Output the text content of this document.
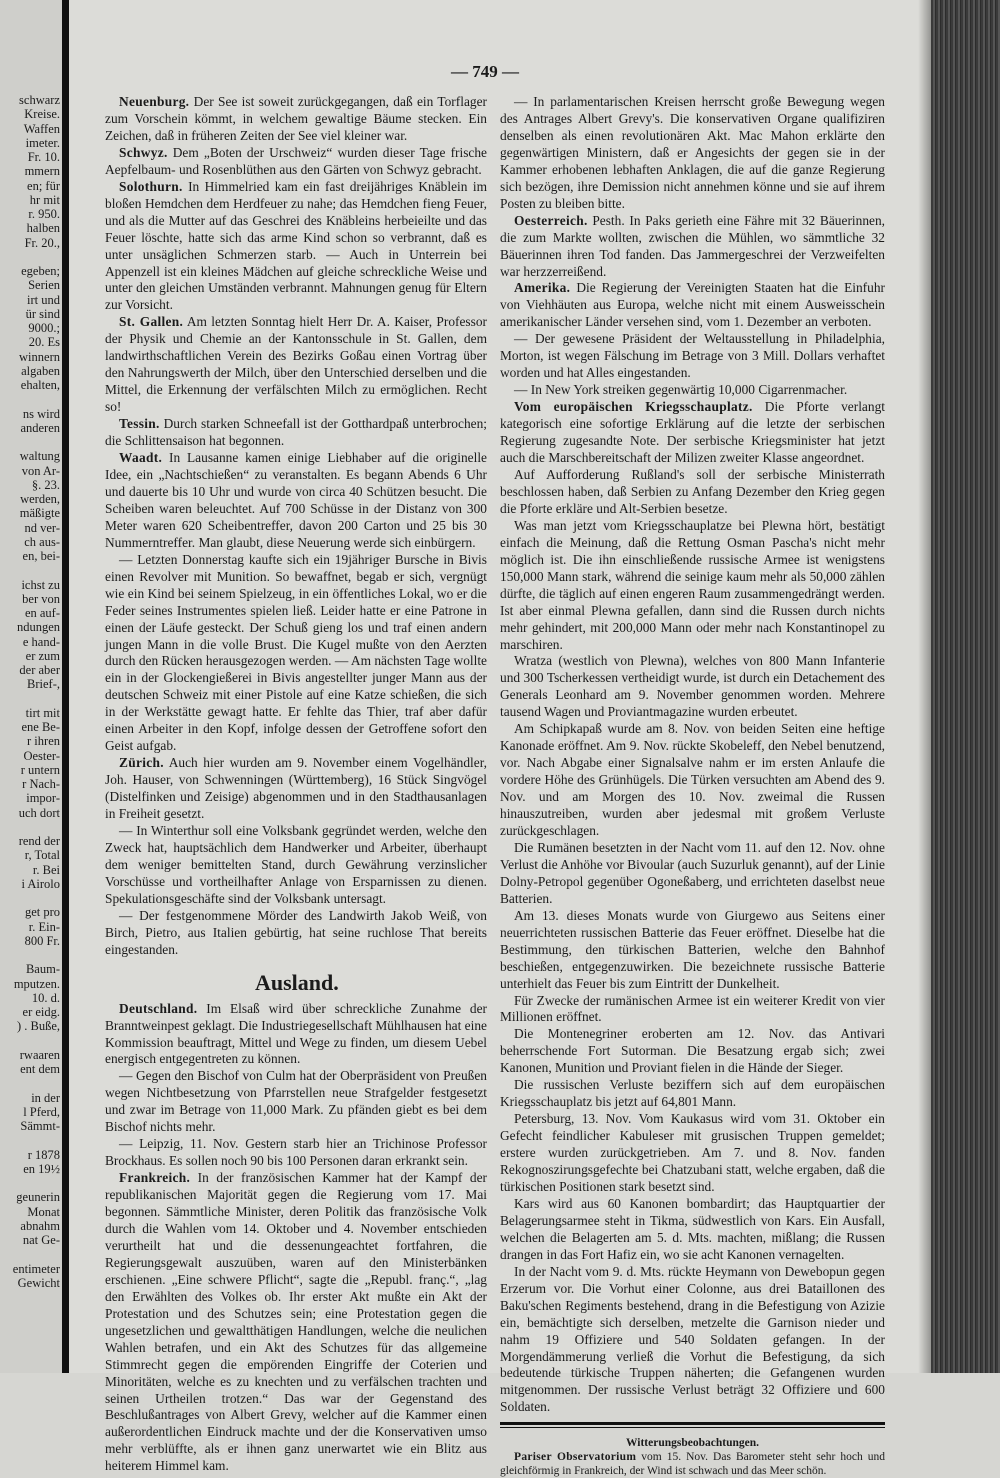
schwarz
Kreise.
Waffen
imeter.
Fr. 10.
mmern
en; für
hr mit
r. 950.
halben
Fr. 20.,

egeben;
Serien
irt und
ür sind
9000.;
20. Es
winnern
algaben
ehalten,

ns wird
anderen

waltung
von Ar-
§. 23.
werden,
mäßigte
nd ver-
ch aus-
en, bei-

ichst zu
ber von
en auf-
ndungen
e hand-
er zum
der aber
Brief-,

tirt mit
ene Be-
r ihren
Oester-
r untern
r Nach-
impor-
uch dort

rend der
r, Total
r. Bei
i Airolo

get pro
r. Ein-
800 Fr.

Baum-
mputzen.
10. d.
er eidg.
) . Buße,

rwaaren
ent dem

in der
l Pferd,
Sämmt-

r 1878
en 19½

geunerin
Monat
abnahm
nat Ge-

entimeter
Gewicht
— 749 —

Neuenburg. Der See ist soweit zurückgegangen, daß ein Torflager zum Vorschein kömmt, in welchem gewaltige Bäume stecken. Ein Zeichen, daß in früheren Zeiten der See viel kleiner war.

Schwyz. Dem „Boten der Urschweiz“ wurden dieser Tage frische Aepfelbaum- und Rosenblüthen aus den Gärten von Schwyz gebracht.

Solothurn. In Himmelried kam ein fast dreijähriges Knäblein im bloßen Hemdchen dem Herdfeuer zu nahe; das Hemdchen fieng Feuer, und als die Mutter auf das Geschrei des Knäbleins herbeieilte und das Feuer löschte, hatte sich das arme Kind schon so verbrannt, daß es unter unsäglichen Schmerzen starb. — Auch in Unterrein bei Appenzell ist ein kleines Mädchen auf gleiche schreckliche Weise und unter den gleichen Umständen verbrannt. Mahnungen genug für Eltern zur Vorsicht.

St. Gallen. Am letzten Sonntag hielt Herr Dr. A. Kaiser, Professor der Physik und Chemie an der Kantonsschule in St. Gallen, dem landwirthschaftlichen Verein des Bezirks Goßau einen Vortrag über den Nahrungswerth der Milch, über den Unterschied derselben und die Mittel, die Erkennung der verfälschten Milch zu ermöglichen. Recht so!

Tessin. Durch starken Schneefall ist der Gotthardpaß unterbrochen; die Schlittensaison hat begonnen.

Waadt. In Lausanne kamen einige Liebhaber auf die originelle Idee, ein „Nachtschießen“ zu veranstalten. Es begann Abends 6 Uhr und dauerte bis 10 Uhr und wurde von circa 40 Schützen besucht. Die Scheiben waren beleuchtet. Auf 700 Schüsse in der Distanz von 300 Meter waren 620 Scheibentreffer, davon 200 Carton und 25 bis 30 Nummerntreffer. Man glaubt, diese Neuerung werde sich einbürgern.

— Letzten Donnerstag kaufte sich ein 19jähriger Bursche in Bivis einen Revolver mit Munition. So bewaffnet, begab er sich, vergnügt wie ein Kind bei seinem Spielzeug, in ein öffentliches Lokal, wo er die Feder seines Instrumentes spielen ließ. Leider hatte er eine Patrone in einen der Läufe gesteckt. Der Schuß gieng los und traf einen andern jungen Mann in die volle Brust. Die Kugel mußte von den Aerzten durch den Rücken herausgezogen werden. — Am nächsten Tage wollte ein in der Glockengießerei in Bivis angestellter junger Mann aus der deutschen Schweiz mit einer Pistole auf eine Katze schießen, die sich in der Werkstätte gewagt hatte. Er fehlte das Thier, traf aber dafür einen Arbeiter in den Kopf, infolge dessen der Getroffene sofort den Geist aufgab.

Zürich. Auch hier wurden am 9. November einem Vogelhändler, Joh. Hauser, von Schwenningen (Württemberg), 16 Stück Singvögel (Distelfinken und Zeisige) abgenommen und in den Stadthausanlagen in Freiheit gesetzt.

— In Winterthur soll eine Volksbank gegründet werden, welche den Zweck hat, hauptsächlich dem Handwerker und Arbeiter, überhaupt dem weniger bemittelten Stand, durch Gewährung verzinslicher Vorschüsse und vortheilhafter Anlage von Ersparnissen zu dienen. Spekulationsgeschäfte sind der Volksbank untersagt.

— Der festgenommene Mörder des Landwirth Jakob Weiß, von Birch, Pietro, aus Italien gebürtig, hat seine ruchlose That bereits eingestanden.

Ausland.

Deutschland. Im Elsaß wird über schreckliche Zunahme der Branntweinpest geklagt. Die Industriegesellschaft Mühlhausen hat eine Kommission beauftragt, Mittel und Wege zu finden, um diesem Uebel energisch entgegentreten zu können.

— Gegen den Bischof von Culm hat der Oberpräsident von Preußen wegen Nichtbesetzung von Pfarrstellen neue Strafgelder festgesetzt und zwar im Betrage von 11,000 Mark. Zu pfänden giebt es bei dem Bischof nichts mehr.

— Leipzig, 11. Nov. Gestern starb hier an Trichinose Professor Brockhaus. Es sollen noch 90 bis 100 Personen daran erkrankt sein.

Frankreich. In der französischen Kammer hat der Kampf der republikanischen Majorität gegen die Regierung vom 17. Mai begonnen. Sämmtliche Minister, deren Politik das französische Volk durch die Wahlen vom 14. Oktober und 4. November entschieden verurtheilt hat und die dessenungeachtet fortfahren, die Regierungsgewalt auszuüben, waren auf den Ministerbänken erschienen. „Eine schwere Pflicht“, sagte die „Republ. franç.“, „lag den Erwählten des Volkes ob. Ihr erster Akt mußte ein Akt der Protestation und des Schutzes sein; eine Protestation gegen die ungesetzlichen und gewaltthätigen Handlungen, welche die neulichen Wahlen betrafen, und ein Akt des Schutzes für das allgemeine Stimmrecht gegen die empörenden Eingriffe der Coterien und Minoritäten, welche es zu knechten und zu verfälschen trachten und seinen Urtheilen trotzen.“ Das war der Gegenstand des Beschlußantrages von Albert Grevy, welcher auf die Kammer einen außerordentlichen Eindruck machte und der die Konservativen umso mehr verblüffte, als er ihnen ganz unerwartet wie ein Blitz aus heiterem Himmel kam.

— In parlamentarischen Kreisen herrscht große Bewegung wegen des Antrages Albert Grevy's. Die konservativen Organe qualifiziren denselben als einen revolutionären Akt. Mac Mahon erklärte den gegenwärtigen Ministern, daß er Angesichts der gegen sie in der Kammer erhobenen lebhaften Anklagen, die auf die ganze Regierung sich bezögen, ihre Demission nicht annehmen könne und sie auf ihrem Posten zu bleiben bitte.

Oesterreich. Pesth. In Paks gerieth eine Fähre mit 32 Bäuerinnen, die zum Markte wollten, zwischen die Mühlen, wo sämmtliche 32 Bäuerinnen ihren Tod fanden. Das Jammergeschrei der Verzweifelten war herzzerreißend.

Amerika. Die Regierung der Vereinigten Staaten hat die Einfuhr von Viehhäuten aus Europa, welche nicht mit einem Ausweisschein amerikanischer Länder versehen sind, vom 1. Dezember an verboten.

— Der gewesene Präsident der Weltausstellung in Philadelphia, Morton, ist wegen Fälschung im Betrage von 3 Mill. Dollars verhaftet worden und hat Alles eingestanden.

— In New York streiken gegenwärtig 10,000 Cigarrenmacher.

Vom europäischen Kriegsschauplatz. Die Pforte verlangt kategorisch eine sofortige Erklärung auf die letzte der serbischen Regierung zugesandte Note. Der serbische Kriegsminister hat jetzt auch die Marschbereitschaft der Milizen zweiter Klasse angeordnet.

Auf Aufforderung Rußland's soll der serbische Ministerrath beschlossen haben, daß Serbien zu Anfang Dezember den Krieg gegen die Pforte erkläre und Alt-Serbien besetze.

Was man jetzt vom Kriegsschauplatze bei Plewna hört, bestätigt einfach die Meinung, daß die Rettung Osman Pascha's nicht mehr möglich ist. Die ihn einschließende russische Armee ist wenigstens 150,000 Mann stark, während die seinige kaum mehr als 50,000 zählen dürfte, die täglich auf einen engeren Raum zusammengedrängt werden. Ist aber einmal Plewna gefallen, dann sind die Russen durch nichts mehr gehindert, mit 200,000 Mann oder mehr nach Konstantinopel zu marschiren.

Wratza (westlich von Plewna), welches von 800 Mann Infanterie und 300 Tscherkessen vertheidigt wurde, ist durch ein Detachement des Generals Leonhard am 9. November genommen worden. Mehrere tausend Wagen und Proviantmagazine wurden erbeutet.

Am Schipkapaß wurde am 8. Nov. von beiden Seiten eine heftige Kanonade eröffnet. Am 9. Nov. rückte Skobeleff, den Nebel benutzend, vor. Nach Abgabe einer Signalsalve nahm er im ersten Anlaufe die vordere Höhe des Grünhügels. Die Türken versuchten am Abend des 9. Nov. und am Morgen des 10. Nov. zweimal die Russen hinauszutreiben, wurden aber jedesmal mit großem Verluste zurückgeschlagen.

Die Rumänen besetzten in der Nacht vom 11. auf den 12. Nov. ohne Verlust die Anhöhe vor Bivoular (auch Suzurluk genannt), auf der Linie Dolny-Petropol gegenüber Ogoneßaberg, und errichteten daselbst neue Batterien.

Am 13. dieses Monats wurde von Giurgewo aus Seitens einer neuerrichteten russischen Batterie das Feuer eröffnet. Dieselbe hat die Bestimmung, den türkischen Batterien, welche den Bahnhof beschießen, entgegenzuwirken. Die bezeichnete russische Batterie unterhielt das Feuer bis zum Eintritt der Dunkelheit.

Für Zwecke der rumänischen Armee ist ein weiterer Kredit von vier Millionen eröffnet.

Die Montenegriner eroberten am 12. Nov. das Antivari beherrschende Fort Sutorman. Die Besatzung ergab sich; zwei Kanonen, Munition und Proviant fielen in die Hände der Sieger.

Die russischen Verluste beziffern sich auf dem europäischen Kriegsschauplatz bis jetzt auf 64,801 Mann.

Petersburg, 13. Nov. Vom Kaukasus wird vom 31. Oktober ein Gefecht feindlicher Kabuleser mit grusischen Truppen gemeldet; erstere wurden zurückgetrieben. Am 7. und 8. Nov. fanden Rekognoszirungsgefechte bei Chatzubani statt, welche ergaben, daß die türkischen Positionen stark besetzt sind.

Kars wird aus 60 Kanonen bombardirt; das Hauptquartier der Belagerungsarmee steht in Tikma, südwestlich von Kars. Ein Ausfall, welchen die Belagerten am 5. d. Mts. machten, mißlang; die Russen drangen in das Fort Hafiz ein, wo sie acht Kanonen vernagelten.

In der Nacht vom 9. d. Mts. rückte Heymann von Dewebopun gegen Erzerum vor. Die Vorhut einer Colonne, aus drei Bataillonen des Baku'schen Regiments bestehend, drang in die Befestigung von Azizie ein, bemächtigte sich derselben, metzelte die Garnison nieder und nahm 19 Offiziere und 540 Soldaten gefangen. In der Morgendämmerung verließ die Vorhut die Befestigung, da sich bedeutende türkische Truppen näherten; die Gefangenen wurden mitgenommen. Der russische Verlust beträgt 32 Offiziere und 600 Soldaten.

Witterungsbeobachtungen.

Pariser Observatorium vom 15. Nov. Das Barometer steht sehr hoch und gleichförmig in Frankreich, der Wind ist schwach und das Meer schön.
